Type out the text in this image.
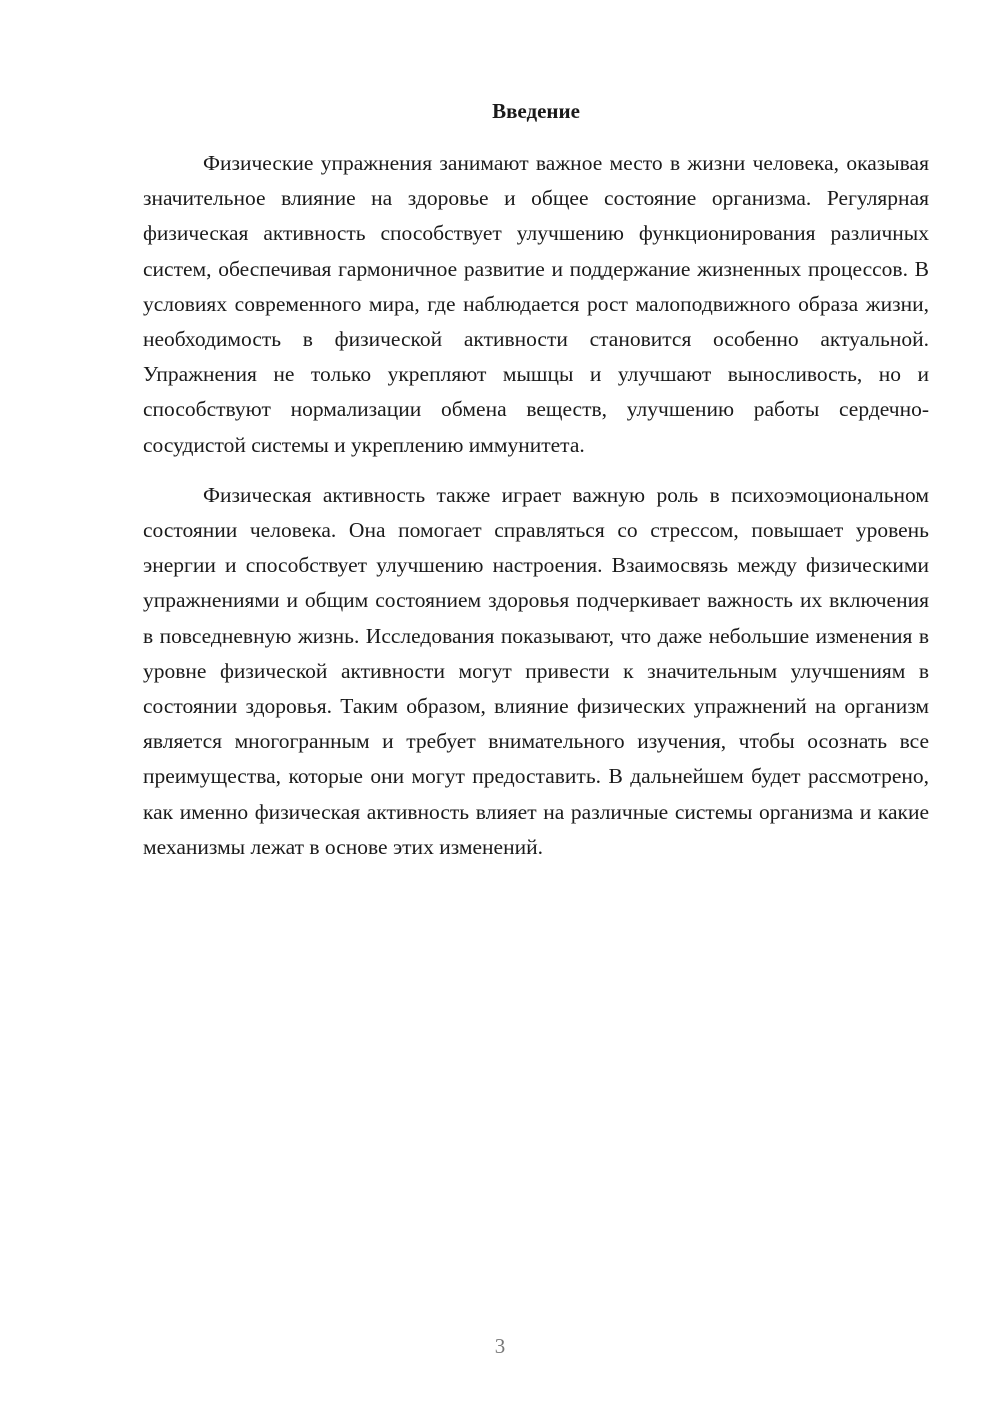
Введение

Физические упражнения занимают важное место в жизни человека, оказывая значительное влияние на здоровье и общее состояние организма. Регулярная физическая активность способствует улучшению функционирования различных систем, обеспечивая гармоничное развитие и поддержание жизненных процессов. В условиях современного мира, где наблюдается рост малоподвижного образа жизни, необходимость в физической активности становится особенно актуальной. Упражнения не только укрепляют мышцы и улучшают выносливость, но и способствуют нормализации обмена веществ, улучшению работы сердечно-сосудистой системы и укреплению иммунитета.

Физическая активность также играет важную роль в психоэмоциональном состоянии человека. Она помогает справляться со стрессом, повышает уровень энергии и способствует улучшению настроения. Взаимосвязь между физическими упражнениями и общим состоянием здоровья подчеркивает важность их включения в повседневную жизнь. Исследования показывают, что даже небольшие изменения в уровне физической активности могут привести к значительным улучшениям в состоянии здоровья. Таким образом, влияние физических упражнений на организм является многогранным и требует внимательного изучения, чтобы осознать все преимущества, которые они могут предоставить. В дальнейшем будет рассмотрено, как именно физическая активность влияет на различные системы организма и какие механизмы лежат в основе этих изменений.

3
